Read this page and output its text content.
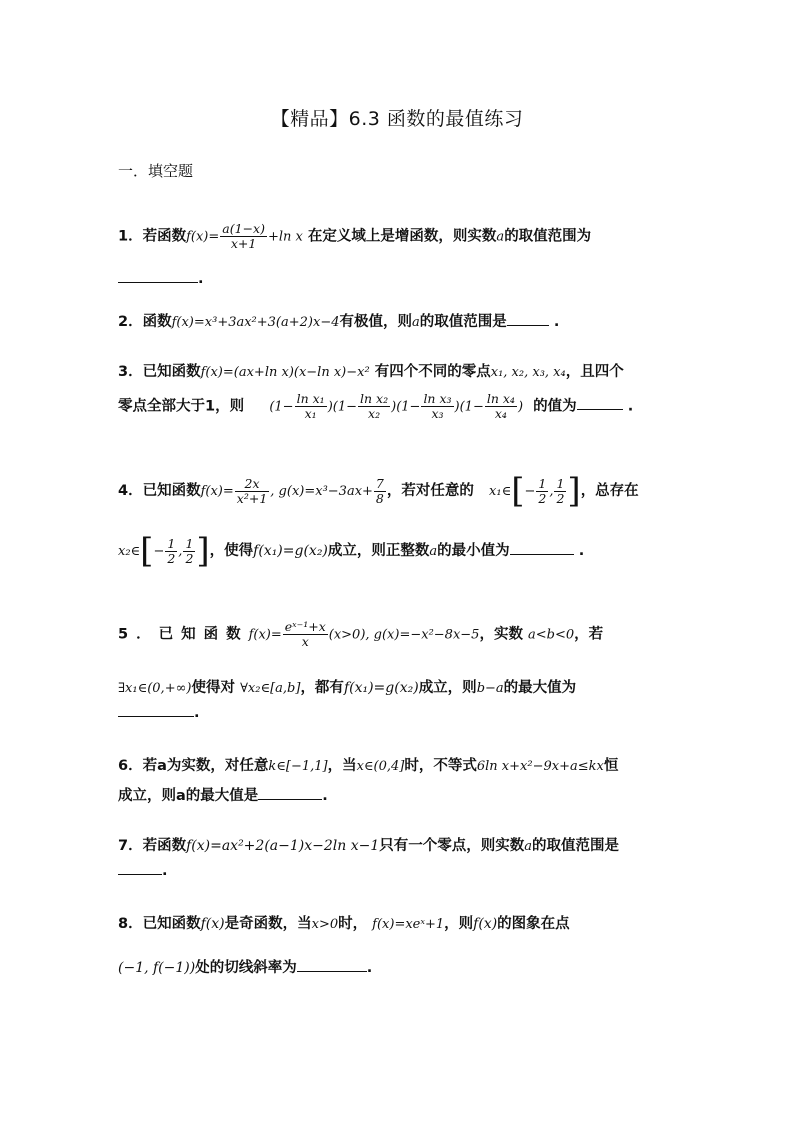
【精品】6.3 函数的最值练习
一．填空题
1．若函数$f(x)= \frac{a(1-x)}{x+1} +\ln$ x 在定义域上是增函数，则实数a的取值范围为
.
2．函数f(x)=x³+3ax²+3(a+2)x−4有极值，则a的取值范围是	.
3．已知函数f(x)=(ax+ln x)(x−ln x)−x² 有四个不同的零点x₁, x₂, x₃, x₄，且四个
零点全部大于1，则 $(1- \frac{\text{ln x₁}}{\text{x₁}} )(1- \frac{\text{ln x₂}}{\text{x₂}} )(1- \frac{\text{ln x₃}}{\text{x₃}} )(1- \frac{\text{ln x₄}}{\text{x₄}}$ ) 的值为	.
4．已知函数$f(x)= \frac{2x}{\text{x²+1}}$ , $g(x)=x^3-3ax+ \frac{7}{8}$ ，若对任意的 x₁∈[− $\frac{1}{2}$ , $\frac{1}{2}$ ]，总存在
x₂∈[− $\frac{1}{2}$ , $\frac{1}{2}$ ]，使得f(x₁)=g(x₂)成立，则正整数a的最小值为	.
5．已知函数$f(x)= \frac{\text{eˣ⁻¹+x}}{x} (x>0)$, g(x)=−x²−8x−5，实数 a<b<0，若
∃x₁∈(0,+∞)使得对 ∀x₂∈[a,b]，都有f(x₁)=g(x₂)成立，则b−a的最大值为
.
6．若a为实数，对任意k∈[−1,1]，当x∈(0,4]时，不等式6ln x+x²−9x+a≤kx恒
成立，则a的最大值是	.
7．若函数f(x)=ax²+2(a−1)x−2ln x−1只有一个零点，则实数a的取值范围是
.
8．已知函数f(x)是奇函数，当x>0时， f(x)=xeˣ+1，则f(x)的图象在点
(−1, f(−1))处的切线斜率为	.
